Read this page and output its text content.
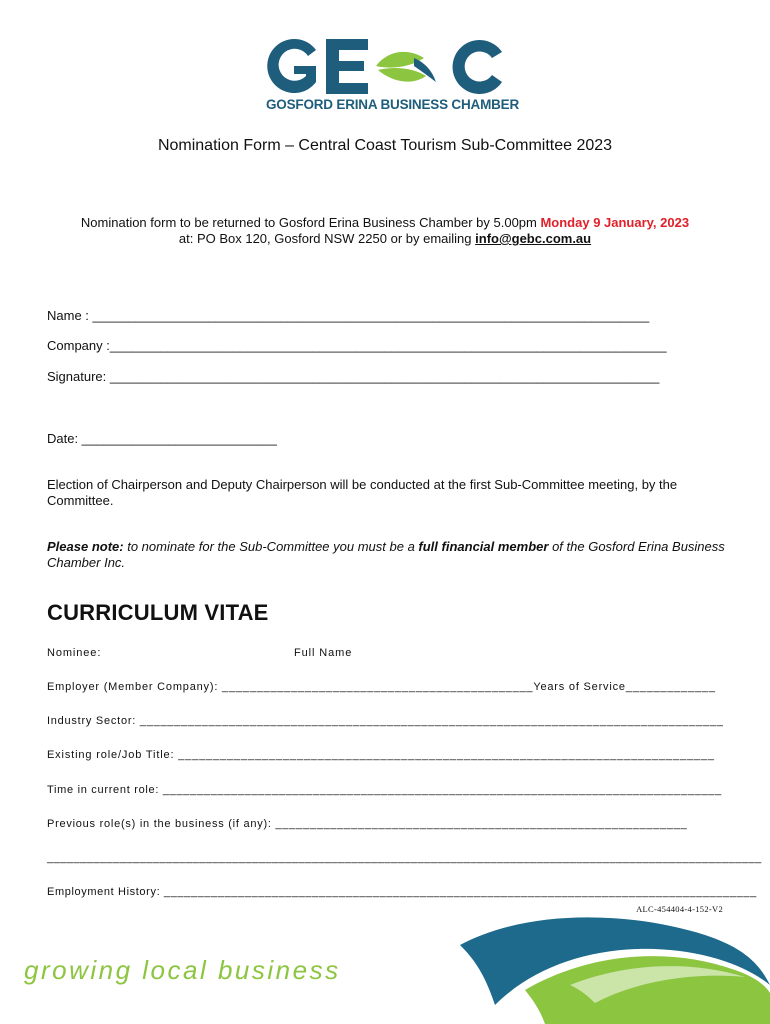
GOSFORD ERINA BUSINESS CHAMBER
Nomination Form – Central Coast Tourism Sub-Committee 2023
Nomination form to be returned to Gosford Erina Business Chamber by 5.00pm Monday 9 January, 2023
at: PO Box 120, Gosford NSW 2250 or by emailing info@gebc.com.au
Name : _____________________________________________________________________________
Company :_____________________________________________________________________________
Signature: ____________________________________________________________________________
Date: ___________________________
Election of Chairperson and Deputy Chairperson will be conducted at the first Sub-Committee meeting, by the Committee.
Please note: to nominate for the Sub-Committee you must be a full financial member of the Gosford Erina Business Chamber Inc.
CURRICULUM VITAE
Nominee:	Full Name
Employer (Member Company): _____________________________________________Years of Service_____________
Industry Sector: _____________________________________________________________________________________
Existing role/Job Title: _____________________________________________________________________________
Time in current role: __________________________________________________________________________________
Previous role(s) in the business (if any): ____________________________________________________________
____________________________________________________________________________________________________________
Employment History: ________________________________________________________________________________________
ALC-454404-4-152-V2
growing local business
